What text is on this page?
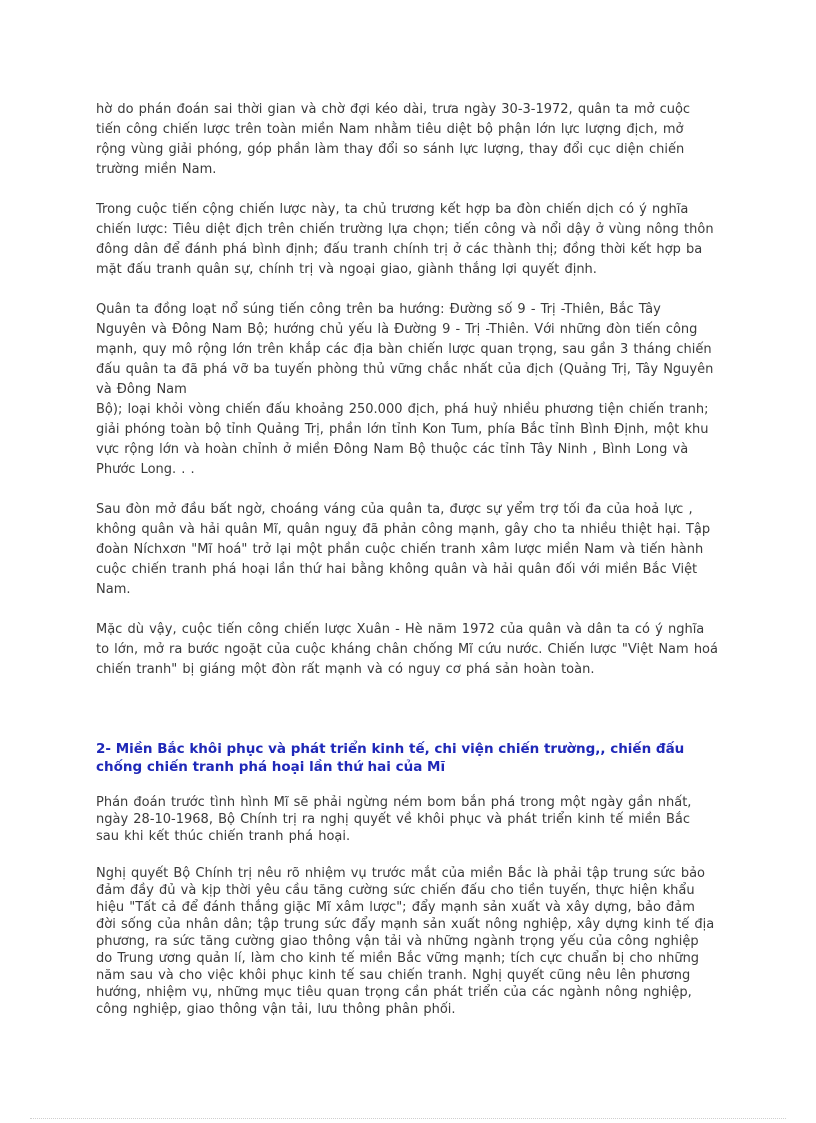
hờ do phán đoán sai thời gian và chờ đợi kéo dài, trưa ngày 30-3-1972, quân ta mở cuộc
tiến công chiến lược trên toàn miền Nam nhằm tiêu diệt bộ phận lớn lực lượng địch, mở
rộng vùng giải phóng, góp phần làm thay đổi so sánh lực lượng, thay đổi cục diện chiến
trường miền Nam.
Trong cuộc tiến cộng chiến lược này, ta chủ trương kết hợp ba đòn chiến dịch có ý nghĩa
chiến lược: Tiêu diệt địch trên chiến trường lựa chọn; tiến công và nổi dậy ở vùng nông thôn
đông dân để đánh phá bình định; đấu tranh chính trị ở các thành thị; đồng thời kết hợp ba
mặt đấu tranh quân sự, chính trị và ngoại giao, giành thắng lợi quyết định.
Quân ta đồng loạt nổ súng tiến công trên ba hướng: Đường số 9 - Trị -Thiên, Bắc Tây
Nguyên và Đông Nam Bộ; hướng chủ yếu là Đường 9 - Trị -Thiên. Với những đòn tiến công
mạnh, quy mô rộng lớn trên khắp các địa bàn chiến lược quan trọng, sau gần 3 tháng chiến
đấu quân ta đã phá vỡ ba tuyến phòng thủ vững chắc nhất của địch (Quảng Trị, Tây Nguyên
và Đông Nam
Bộ); loại khỏi vòng chiến đấu khoảng 250.000 địch, phá huỷ nhiều phương tiện chiến tranh;
giải phóng toàn bộ tỉnh Quảng Trị, phần lớn tỉnh Kon Tum, phía Bắc tỉnh Bình Định, một khu
vực rộng lớn và hoàn chỉnh ở miền Đông Nam Bộ thuộc các tỉnh Tây Ninh , Bình Long và
Phước Long. . .
Sau đòn mở đầu bất ngờ, choáng váng của quân ta, được sự yểm trợ tối đa của hoả lực ,
không quân và hải quân Mĩ, quân nguỵ đã phản công mạnh, gây cho ta nhiều thiệt hại. Tập
đoàn Níchxơn "Mĩ hoá" trở lại một phần cuộc chiến tranh xâm lược miền Nam và tiến hành
cuộc chiến tranh phá hoại lần thứ hai bằng không quân và hải quân đối với miền Bắc Việt
Nam.
Mặc dù vậy, cuộc tiến công chiến lược Xuân - Hè năm 1972 của quân và dân ta có ý nghĩa
to lớn, mở ra bước ngoặt của cuộc kháng chân chống Mĩ cứu nước. Chiến lược "Việt Nam hoá
chiến tranh" bị giáng một đòn rất mạnh và có nguy cơ phá sản hoàn toàn.
2- Miền Bắc khôi phục và phát triển kinh tế, chi viện chiến trường,, chiến đấu
chống chiến tranh phá hoại lần thứ hai của Mĩ
Phán đoán trước tình hình Mĩ sẽ phải ngừng ném bom bắn phá trong một ngày gần nhất,
ngày 28-10-1968, Bộ Chính trị ra nghị quyết về khôi phục và phát triển kinh tế miền Bắc
sau khi kết thúc chiến tranh phá hoại.
Nghị quyết Bộ Chính trị nêu rõ nhiệm vụ trước mắt của miền Bắc là phải tập trung sức bảo
đảm đầy đủ và kịp thời yêu cầu tăng cường sức chiến đấu cho tiền tuyến, thực hiện khẩu
hiệu "Tất cả để đánh thắng giặc Mĩ xâm lược"; đẩy mạnh sản xuất và xây dựng, bảo đảm
đời sống của nhân dân; tập trung sức đẩy mạnh sản xuất nông nghiệp, xây dựng kinh tế địa
phương, ra sức tăng cường giao thông vận tải và những ngành trọng yếu của công nghiệp
do Trung ương quản lí, làm cho kinh tế miền Bắc vững mạnh; tích cực chuẩn bị cho những
năm sau và cho việc khôi phục kinh tế sau chiến tranh. Nghị quyết cũng nêu lên phương
hướng, nhiệm vụ, những mục tiêu quan trọng cần phát triển của các ngành nông nghiệp,
công nghiệp, giao thông vận tải, lưu thông phân phối.
